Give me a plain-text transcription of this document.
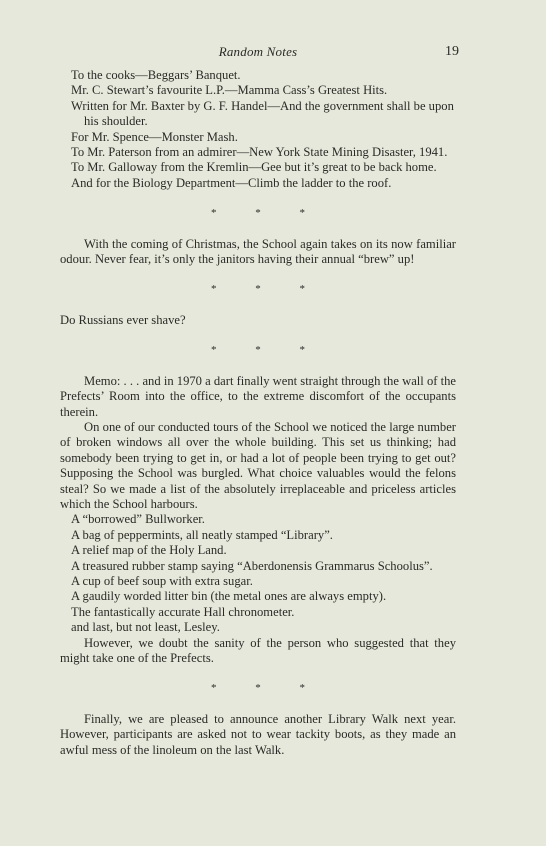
Random Notes	19
To the cooks—Beggars’ Banquet.
Mr. C. Stewart’s favourite L.P.—Mamma Cass’s Greatest Hits.
Written for Mr. Baxter by G. F. Handel—And the government shall be upon his shoulder.
For Mr. Spence—Monster Mash.
To Mr. Paterson from an admirer—New York State Mining Disaster, 1941.
To Mr. Galloway from the Kremlin—Gee but it’s great to be back home.
And for the Biology Department—Climb the ladder to the roof.
* * *
With the coming of Christmas, the School again takes on its now familiar odour. Never fear, it’s only the janitors having their annual “brew” up!
* * *
Do Russians ever shave?
* * *
Memo: . . . and in 1970 a dart finally went straight through the wall of the Prefects’ Room into the office, to the extreme discomfort of the occupants therein.
On one of our conducted tours of the School we noticed the large number of broken windows all over the whole building. This set us thinking; had somebody been trying to get in, or had a lot of people been trying to get out? Supposing the School was burgled. What choice valuables would the felons steal? So we made a list of the absolutely irreplaceable and priceless articles which the School harbours.
A “borrowed” Bullworker.
A bag of peppermints, all neatly stamped “Library”.
A relief map of the Holy Land.
A treasured rubber stamp saying “Aberdonensis Grammarus Schoolus”.
A cup of beef soup with extra sugar.
A gaudily worded litter bin (the metal ones are always empty).
The fantastically accurate Hall chronometer.
and last, but not least, Lesley.
However, we doubt the sanity of the person who suggested that they might take one of the Prefects.
* * *
Finally, we are pleased to announce another Library Walk next year. However, participants are asked not to wear tackity boots, as they made an awful mess of the linoleum on the last Walk.
